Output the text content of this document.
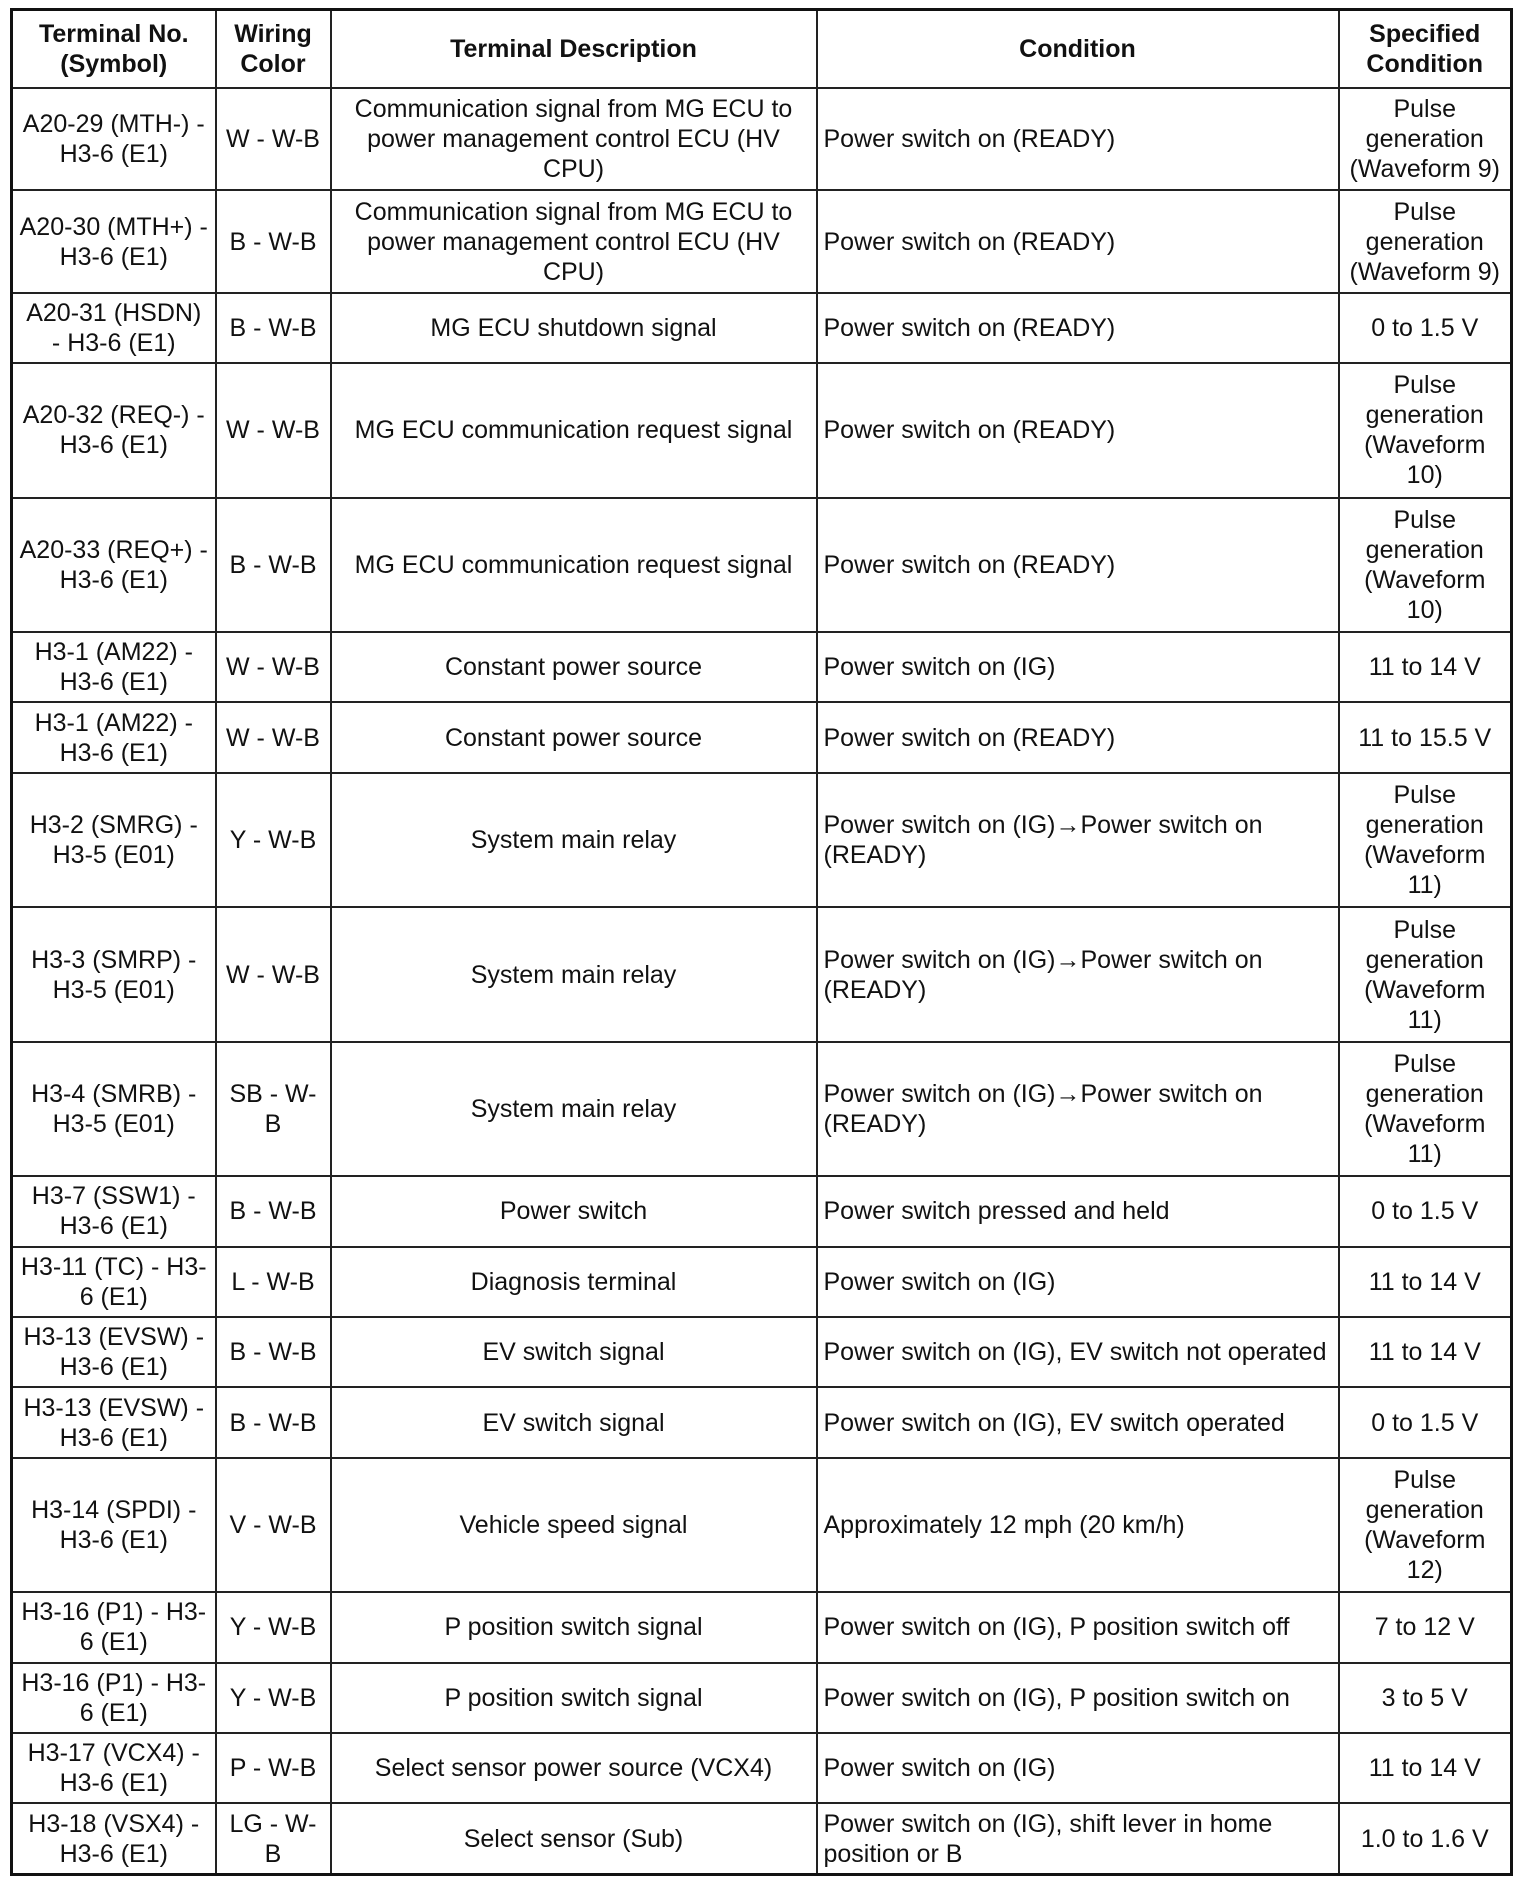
Terminal No. (Symbol)	Wiring Color	Terminal Description	Condition	Specified Condition
A20-29 (MTH-) - H3-6 (E1)	W - W-B	Communication signal from MG ECU to power management control ECU (HV CPU)	Power switch on (READY)	Pulse generation (Waveform 9)
A20-30 (MTH+) - H3-6 (E1)	B - W-B	Communication signal from MG ECU to power management control ECU (HV CPU)	Power switch on (READY)	Pulse generation (Waveform 9)
A20-31 (HSDN) - H3-6 (E1)	B - W-B	MG ECU shutdown signal	Power switch on (READY)	0 to 1.5 V
A20-32 (REQ-) - H3-6 (E1)	W - W-B	MG ECU communication request signal	Power switch on (READY)	Pulse generation (Waveform 10)
A20-33 (REQ+) - H3-6 (E1)	B - W-B	MG ECU communication request signal	Power switch on (READY)	Pulse generation (Waveform 10)
H3-1 (AM22) - H3-6 (E1)	W - W-B	Constant power source	Power switch on (IG)	11 to 14 V
H3-1 (AM22) - H3-6 (E1)	W - W-B	Constant power source	Power switch on (READY)	11 to 15.5 V
H3-2 (SMRG) - H3-5 (E01)	Y - W-B	System main relay	Power switch on (IG)→Power switch on (READY)	Pulse generation (Waveform 11)
H3-3 (SMRP) - H3-5 (E01)	W - W-B	System main relay	Power switch on (IG)→Power switch on (READY)	Pulse generation (Waveform 11)
H3-4 (SMRB) - H3-5 (E01)	SB - W-B	System main relay	Power switch on (IG)→Power switch on (READY)	Pulse generation (Waveform 11)
H3-7 (SSW1) - H3-6 (E1)	B - W-B	Power switch	Power switch pressed and held	0 to 1.5 V
H3-11 (TC) - H3-6 (E1)	L - W-B	Diagnosis terminal	Power switch on (IG)	11 to 14 V
H3-13 (EVSW) - H3-6 (E1)	B - W-B	EV switch signal	Power switch on (IG), EV switch not operated	11 to 14 V
H3-13 (EVSW) - H3-6 (E1)	B - W-B	EV switch signal	Power switch on (IG), EV switch operated	0 to 1.5 V
H3-14 (SPDI) - H3-6 (E1)	V - W-B	Vehicle speed signal	Approximately 12 mph (20 km/h)	Pulse generation (Waveform 12)
H3-16 (P1) - H3-6 (E1)	Y - W-B	P position switch signal	Power switch on (IG), P position switch off	7 to 12 V
H3-16 (P1) - H3-6 (E1)	Y - W-B	P position switch signal	Power switch on (IG), P position switch on	3 to 5 V
H3-17 (VCX4) - H3-6 (E1)	P - W-B	Select sensor power source (VCX4)	Power switch on (IG)	11 to 14 V
H3-18 (VSX4) - H3-6 (E1)	LG - W-B	Select sensor (Sub)	Power switch on (IG), shift lever in home position or B	1.0 to 1.6 V
